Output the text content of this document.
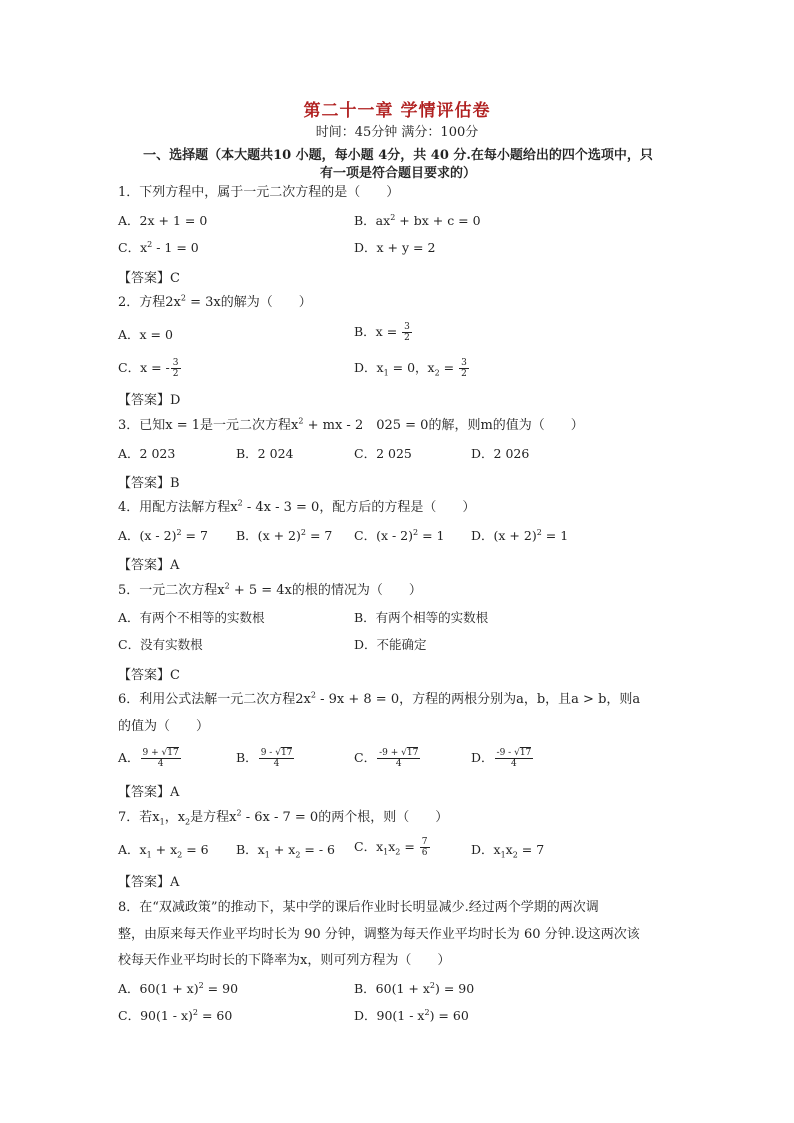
第二十一章 学情评估卷
时间：45分钟 满分：100分
一、选择题（本大题共10 小题，每小题 4分，共 40 分.在每小题给出的四个选项中，只
有一项是符合题目要求的）
1．下列方程中，属于一元二次方程的是（　　）
A．2x + 1 = 0	B．$ax^2$ + bx + c = 0
C．$x^2 - 1 = 0$	D．x + y = 2
【答案】C
2．方程$2x^2 = 3x$的解为（　　）
A．x = 0	B．$x = \frac{3}{2}$
C．x = - $\frac{3}{2}$	D．$x_1 = 0$，$x_2 = \frac{3}{2}$
【答案】D
3．已知x = 1是一元二次方程$x^2$ + mx - 2　025 = 0的解，则m的值为（　　）
A．2 023	B．2 024	C．2 025	D．2 026
【答案】B
4．用配方法解方程$x^2 - 4x - 3 = 0$，配方后的方程是（　　）
A．(x - 2)$^2$ = 7 B．$(x + 2)^2 = 7$ C．(x - 2)$^2$ = 1 D．$(x + 2)^2 = 1$
【答案】A
5．一元二次方程$x^2 + 5 = 4x$的根的情况为（　　）
A．有两个不相等的实数根	B．有两个相等的实数根
C．没有实数根	D．不能确定
【答案】C
6．利用公式法解一元二次方程$2x^2 - 9x + 8 = 0$，方程的两根分别为a，b，且a > b，则a
的值为（　　）
A． $\frac{9 + √17}{4}$	B． $\frac{9 - √17}{4}$	C． $\frac{-9 + √17}{4}$	D． $\frac{-9 - √17}{4}$
【答案】A
7．若$x_1$，$x_2$是方程$x^2 - 6x - 7 = 0$的两个根，则（　　）
A．$x_1 + x_2 = 6$ B．$x_1 + x_2$ = - 6 C．$x_1x_2 = \frac{7}{6}$	D．$x_1x_2 = 7$
【答案】A
8．在“双减政策”的推动下，某中学的课后作业时长明显减少.经过两个学期的两次调
整，由原来每天作业平均时长为 90 分钟，调整为每天作业平均时长为 60 分钟.设这两次该
校每天作业平均时长的下降率为x，则可列方程为（　　）
A．$60(1 + x)^2 = 90$	B．$60(1 + x^2) = 90$
C．90(1 - x)$^2$ = 60	D．$90(1 - x^2) = 60$
